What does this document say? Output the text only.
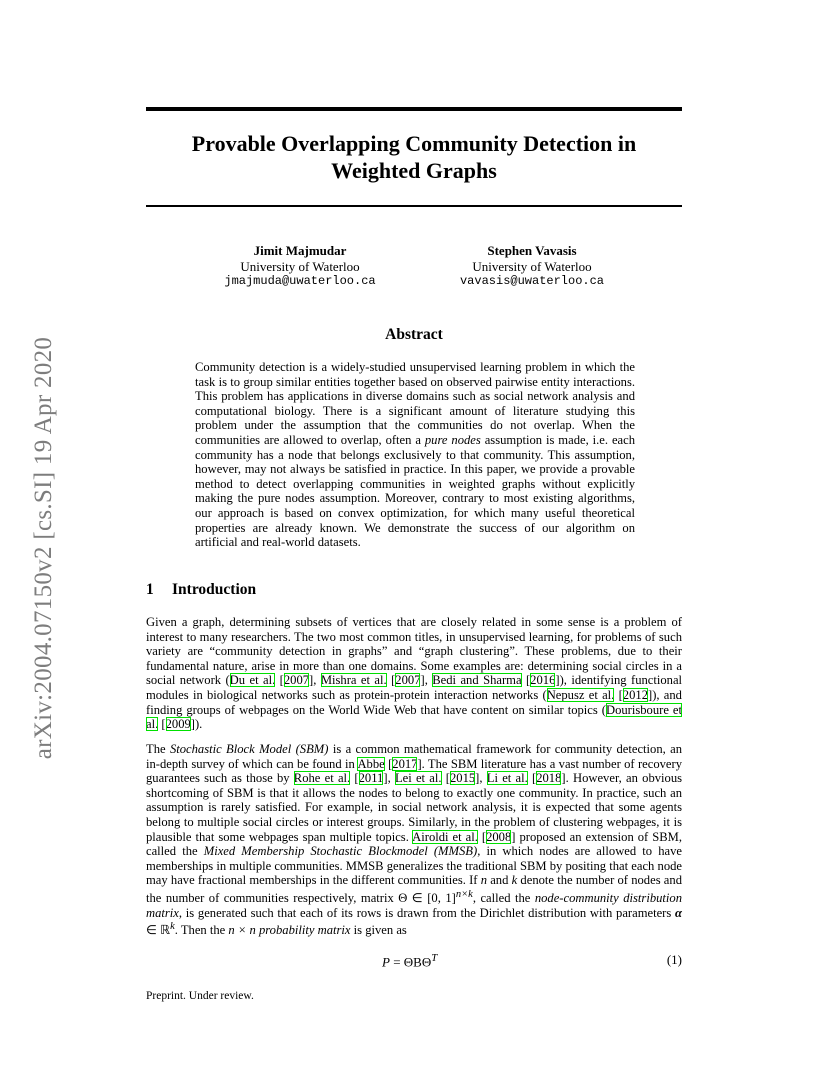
arXiv:2004.07150v2 [cs.SI] 19 Apr 2020
Provable Overlapping Community Detection in
Weighted Graphs
Jimit Majmudar
University of Waterloo
jmajmuda@uwaterloo.ca
Stephen Vavasis
University of Waterloo
vavasis@uwaterloo.ca
Abstract
Community detection is a widely-studied unsupervised learning problem in which the task is to group similar entities together based on observed pairwise entity interactions. This problem has applications in diverse domains such as social network analysis and computational biology. There is a significant amount of literature studying this problem under the assumption that the communities do not overlap. When the communities are allowed to overlap, often a pure nodes assumption is made, i.e. each community has a node that belongs exclusively to that community. This assumption, however, may not always be satisfied in practice. In this paper, we provide a provable method to detect overlapping communities in weighted graphs without explicitly making the pure nodes assumption. Moreover, contrary to most existing algorithms, our approach is based on convex optimization, for which many useful theoretical properties are already known. We demonstrate the success of our algorithm on artificial and real-world datasets.
1 Introduction
Given a graph, determining subsets of vertices that are closely related in some sense is a problem of interest to many researchers. The two most common titles, in unsupervised learning, for problems of such variety are “community detection in graphs” and “graph clustering”. These problems, due to their fundamental nature, arise in more than one domains. Some examples are: determining social circles in a social network (Du et al. [2007], Mishra et al. [2007], Bedi and Sharma [2016]), identifying functional modules in biological networks such as protein-protein interaction networks (Nepusz et al. [2012]), and finding groups of webpages on the World Wide Web that have content on similar topics (Dourisboure et al. [2009]).
The Stochastic Block Model (SBM) is a common mathematical framework for community detection, an in-depth survey of which can be found in Abbe [2017]. The SBM literature has a vast number of recovery guarantees such as those by Rohe et al. [2011], Lei et al. [2015], Li et al. [2018]. However, an obvious shortcoming of SBM is that it allows the nodes to belong to exactly one community. In practice, such an assumption is rarely satisfied. For example, in social network analysis, it is expected that some agents belong to multiple social circles or interest groups. Similarly, in the problem of clustering webpages, it is plausible that some webpages span multiple topics. Airoldi et al. [2008] proposed an extension of SBM, called the Mixed Membership Stochastic Blockmodel (MMSB), in which nodes are allowed to have memberships in multiple communities. MMSB generalizes the traditional SBM by positing that each node may have fractional memberships in the different communities. If n and k denote the number of nodes and the number of communities respectively, matrix Θ ∈ [0, 1]$^{n\times k}$, called the node-community distribution matrix, is generated such that each of its rows is drawn from the Dirichlet distribution with parameters α ∈ ℝ$^k$. Then the n × n probability matrix is given as
$P = \Theta B\Theta^T$	(1)
Preprint. Under review.
